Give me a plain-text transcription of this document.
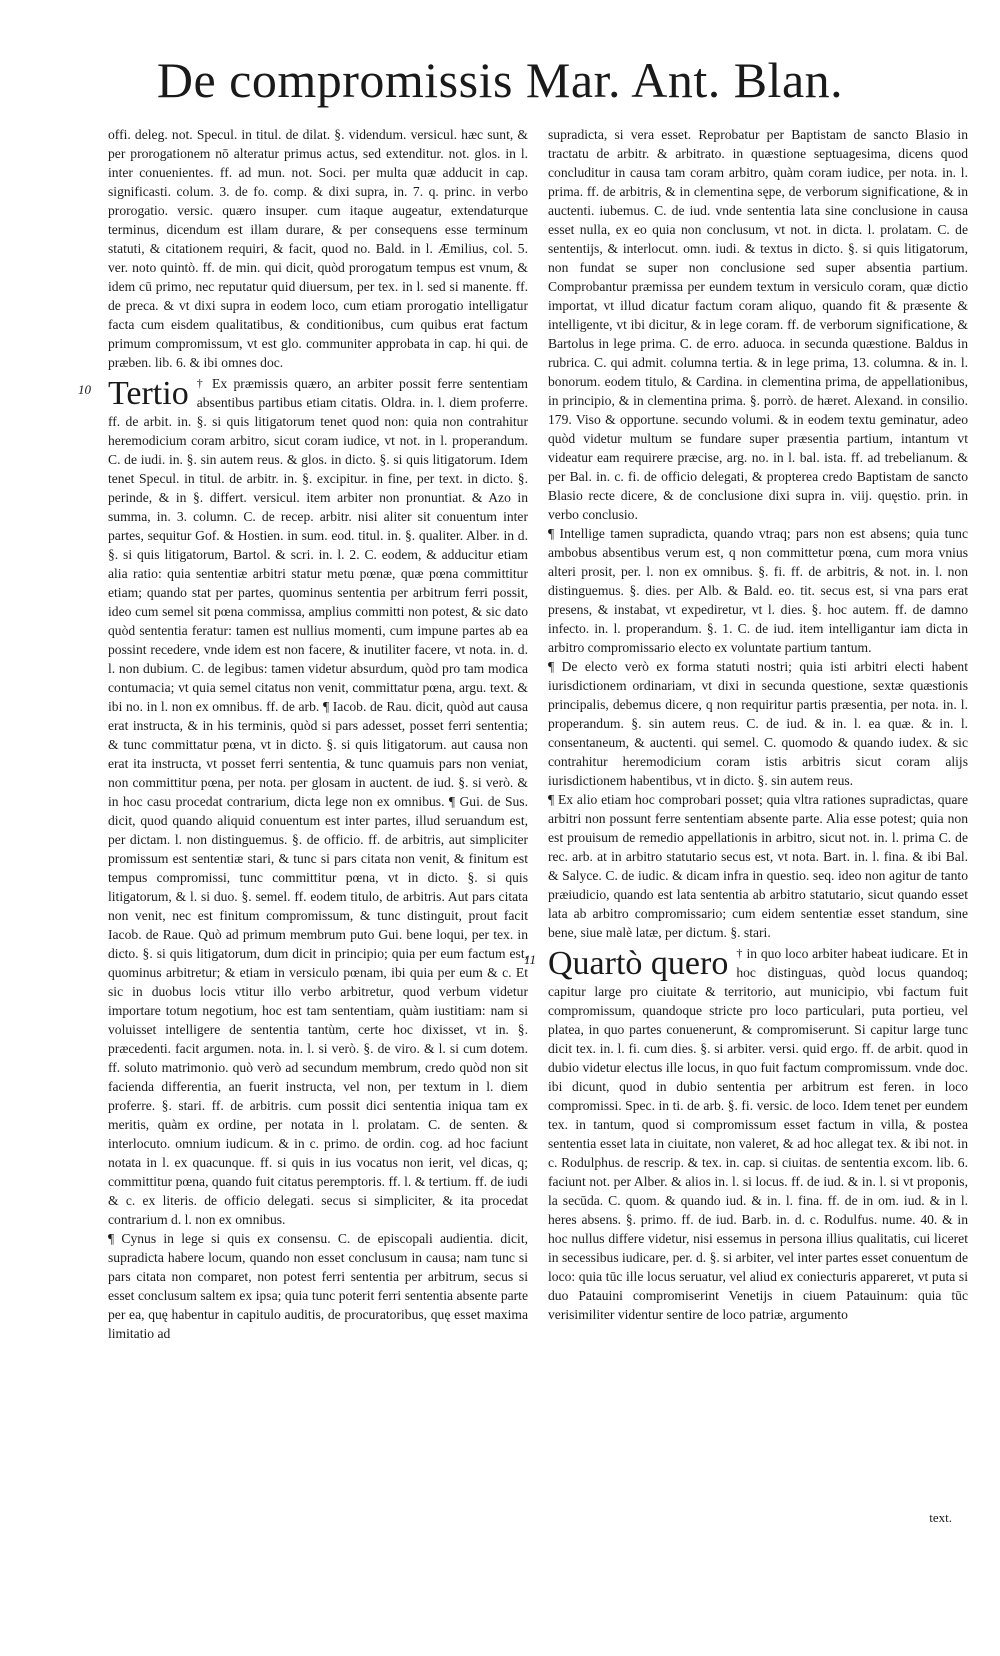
De compromissis Mar. Ant. Blan.

offi. deleg. not. Specul. in titul. de dilat. §. videndum. versicul. hæc sunt, & per prorogationem nō alteratur primus actus, sed extenditur. not. glos. in l. inter conuenientes. ff. ad mun. not. Soci. per multa quæ adducit in cap. significasti. colum. 3. de fo. comp. & dixi supra, in. 7. q. princ. in verbo prorogatio. versic. quæro insuper. cum itaque augeatur, extendaturque terminus, dicendum est illam durare, & per consequens esse terminum statuti, & citationem requiri, & facit, quod no. Bald. in l. Æmilius, col. 5. ver. noto quintò. ff. de min. qui dicit, quòd prorogatum tempus est vnum, & idem cū primo, nec reputatur quid diuersum, per tex. in l. sed si manente. ff. de preca. & vt dixi supra in eodem loco, cum etiam prorogatio intelligatur facta cum eisdem qualitatibus, & conditionibus, cum quibus erat factum primum compromissum, vt est glo. communiter approbata in cap. hi qui. de præben. lib. 6. & ibi omnes doc.

10 Tertio † Ex præmissis quæro, an arbiter possit ferre sententiam absentibus partibus etiam citatis. Oldra. in. l. diem proferre. ff. de arbit. in. §. si quis litigatorum tenet quod non: quia non contrahitur heremodicium coram arbitro, sicut coram iudice, vt not. in l. properandum. C. de iudi. in. §. sin autem reus. & glos. in dicto. §. si quis litigatorum. Idem tenet Specul. in titul. de arbitr. in. §. excipitur. in fine, per text. in dicto. §. perinde, & in §. differt. versicul. item arbiter non pronuntiat. & Azo in summa, in. 3. column. C. de recep. arbitr. nisi aliter sit conuentum inter partes, sequitur Gof. & Hostien. in sum. eod. titul. in. §. qualiter. Alber. in d. §. si quis litigatorum, Bartol. & scri. in. l. 2. C. eodem, & adducitur etiam alia ratio: quia sententiæ arbitri statur metu pœnæ, quæ pœna committitur etiam; quando stat per partes, quominus sententia per arbitrum ferri possit, ideo cum semel sit pœna commissa, amplius committi non potest, & sic dato quòd sententia feratur: tamen est nullius momenti, cum impune partes ab ea possint recedere, vnde idem est non facere, & inutiliter facere, vt nota. in. d. l. non dubium. C. de legibus: tamen videtur absurdum, quòd pro tam modica contumacia; vt quia semel citatus non venit, committatur pœna, argu. text. & ibi no. in l. non ex omnibus. ff. de arb. ¶ Iacob. de Rau. dicit, quòd aut causa erat instructa, & in his terminis, quòd si pars adesset, posset ferri sententia; & tunc committatur pœna, vt in dicto. §. si quis litigatorum. aut causa non erat ita instructa, vt posset ferri sententia, & tunc quamuis pars non veniat, non committitur pœna, per nota. per glosam in auctent. de iud. §. si verò. & in hoc casu procedat contrarium, dicta lege non ex omnibus. ¶ Gui. de Sus. dicit, quod quando aliquid conuentum est inter partes, illud seruandum est, per dictam. l. non distinguemus. §. de officio. ff. de arbitris, aut simpliciter promissum est sententiæ stari, & tunc si pars citata non venit, & finitum est tempus compromissi, tunc committitur pœna, vt in dicto. §. si quis litigatorum, & l. si duo. §. semel. ff. eodem titulo, de arbitris. Aut pars citata non venit, nec est finitum compromissum, & tunc distinguit, prout facit Iacob. de Raue. Quò ad primum membrum puto Gui. bene loqui, per tex. in dicto. §. si quis litigatorum, dum dicit in principio; quia per eum factum est, quominus arbitretur; & etiam in versiculo pœnam, ibi quia per eum & c. Et sic in duobus locis vtitur illo verbo arbitretur, quod verbum videtur importare totum negotium, hoc est tam sententiam, quàm iustitiam: nam si voluisset intelligere de sententia tantùm, certe hoc dixisset, vt in. §. præcedenti. facit argumen. nota. in. l. si verò. §. de viro. & l. si cum dotem. ff. soluto matrimonio. quò verò ad secundum membrum, credo quòd non sit facienda differentia, an fuerit instructa, vel non, per textum in l. diem proferre. §. stari. ff. de arbitris. cum possit dici sententia iniqua tam ex meritis, quàm ex ordine, per notata in l. prolatam. C. de senten. & interlocuto. omnium iudicum. & in c. primo. de ordin. cog. ad hoc faciunt notata in l. ex quacunque. ff. si quis in ius vocatus non ierit, vel dicas, q; committitur pœna, quando fuit citatus peremptoris. ff. l. & tertium. ff. de iudi & c. ex literis. de officio delegati. secus si simpliciter, & ita procedat contrarium d. l. non ex omnibus.

¶ Cynus in lege si quis ex consensu. C. de episcopali audientia. dicit, supradicta habere locum, quando non esset conclusum in causa; nam tunc si pars citata non comparet, non potest ferri sententia per arbitrum, secus si esset conclusum saltem ex ipsa; quia tunc poterit ferri sententia absente parte per ea, quę habentur in capitulo auditis, de procuratoribus, quę esset maxima limitatio ad

supradicta, si vera esset. Reprobatur per Baptistam de sancto Blasio in tractatu de arbitr. & arbitrato. in quæstione septuagesima, dicens quod concluditur in causa tam coram arbitro, quàm coram iudice, per nota. in. l. prima. ff. de arbitris, & in clementina sępe, de verborum significatione, & in auctenti. iubemus. C. de iud. vnde sententia lata sine conclusione in causa esset nulla, ex eo quia non conclusum, vt not. in dicta. l. prolatam. C. de sententijs, & interlocut. omn. iudi. & textus in dicto. §. si quis litigatorum, non fundat se super non conclusione sed super absentia partium. Comprobantur præmissa per eundem textum in versiculo coram, quæ dictio importat, vt illud dicatur factum coram aliquo, quando fit & præsente & intelligente, vt ibi dicitur, & in lege coram. ff. de verborum significatione, & Bartolus in lege prima. C. de erro. aduoca. in secunda quæstione. Baldus in rubrica. C. qui admit. columna tertia. & in lege prima, 13. columna. & in. l. bonorum. eodem titulo, & Cardina. in clementina prima, de appellationibus, in principio, & in clementina prima. §. porrò. de hæret. Alexand. in consilio. 179. Viso & opportune. secundo volumi. & in eodem textu geminatur, adeo quòd videtur multum se fundare super præsentia partium, intantum vt videatur eam requirere præcise, arg. no. in l. bal. ista. ff. ad trebelianum. & per Bal. in. c. fi. de officio delegati, & propterea credo Baptistam de sancto Blasio recte dicere, & de conclusione dixi supra in. viij. quęstio. prin. in verbo conclusio.

¶ Intellige tamen supradicta, quando vtraq; pars non est absens; quia tunc ambobus absentibus verum est, q non committetur pœna, cum mora vnius alteri prosit, per. l. non ex omnibus. §. fi. ff. de arbitris, & not. in. l. non distinguemus. §. dies. per Alb. & Bald. eo. tit. secus est, si vna pars erat presens, & instabat, vt expediretur, vt l. dies. §. hoc autem. ff. de damno infecto. in. l. properandum. §. 1. C. de iud. item intelligantur iam dicta in arbitro compromissario electo ex voluntate partium tantum.

¶ De electo verò ex forma statuti nostri; quia isti arbitri electi habent iurisdictionem ordinariam, vt dixi in secunda questione, sextæ quæstionis principalis, debemus dicere, q non requiritur partis præsentia, per nota. in. l. properandum. §. sin autem reus. C. de iud. & in. l. ea quæ. & in. l. consentaneum, & auctenti. qui semel. C. quomodo & quando iudex. & sic contrahitur heremodicium coram istis arbitris sicut coram alijs iurisdictionem habentibus, vt in dicto. §. sin autem reus.

¶ Ex alio etiam hoc comprobari posset; quia vltra rationes supradictas, quare arbitri non possunt ferre sententiam absente parte. Alia esse potest; quia non est prouisum de remedio appellationis in arbitro, sicut not. in. l. prima C. de rec. arb. at in arbitro statutario secus est, vt nota. Bart. in. l. fina. & ibi Bal. & Salyce. C. de iudic. & dicam infra in questio. seq. ideo non agitur de tanto præiudicio, quando est lata sententia ab arbitro statutario, sicut quando esset lata ab arbitro compromissario; cum eidem sententiæ esset standum, sine bene, siue malè latæ, per dictum. §. stari.

11 Quartò quero † in quo loco arbiter habeat iudicare. Et in hoc distinguas, quòd locus quandoq; capitur large pro ciuitate & territorio, aut municipio, vbi factum fuit compromissum, quandoque stricte pro loco particulari, puta portieu, vel platea, in quo partes conuenerunt, & compromiserunt. Si capitur large tunc dicit tex. in. l. fi. cum dies. §. si arbiter. versi. quid ergo. ff. de arbit. quod in dubio videtur electus ille locus, in quo fuit factum compromissum. vnde doc. ibi dicunt, quod in dubio sententia per arbitrum est feren. in loco compromissi. Spec. in ti. de arb. §. fi. versic. de loco. Idem tenet per eundem tex. in tantum, quod si compromissum esset factum in villa, & postea sententia esset lata in ciuitate, non valeret, & ad hoc allegat tex. & ibi not. in c. Rodulphus. de rescrip. & tex. in. cap. si ciuitas. de sententia excom. lib. 6. faciunt not. per Alber. & alios in. l. si locus. ff. de iud. & in. l. si vt proponis, la secūda. C. quom. & quando iud. & in. l. fina. ff. de in om. iud. & in l. heres absens. §. primo. ff. de iud. Barb. in. d. c. Rodulfus. nume. 40. & in hoc nullus differe videtur, nisi essemus in persona illius qualitatis, cui liceret in secessibus iudicare, per. d. §. si arbiter, vel inter partes esset conuentum de loco: quia tūc ille locus seruatur, vel aliud ex coniecturis appareret, vt puta si duo Patauini compromiserint Venetijs in ciuem Patauinum: quia tūc verisimiliter videntur sentire de loco patriæ, argumento
text.
